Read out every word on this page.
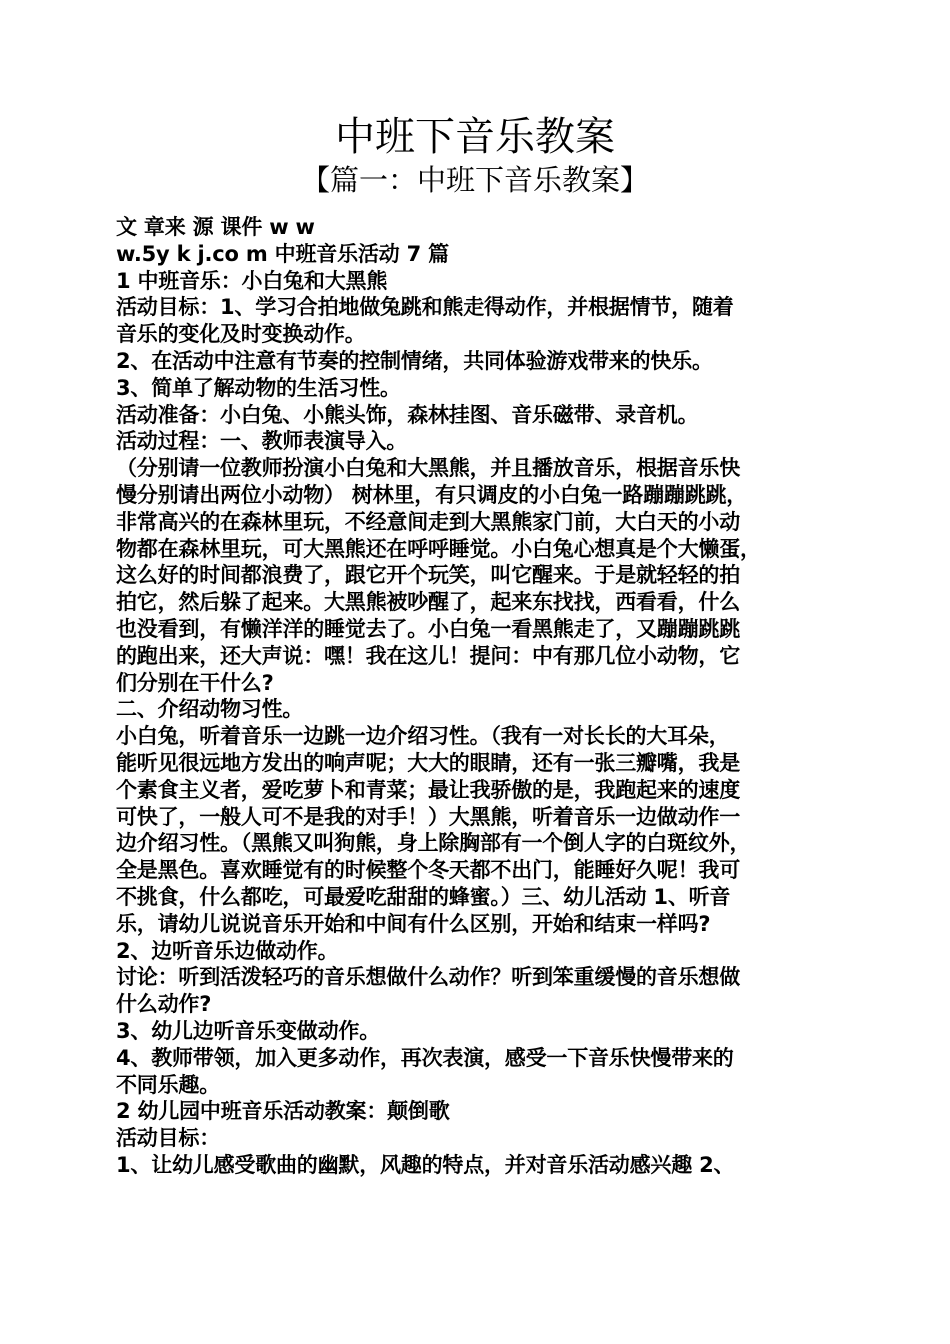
中班下音乐教案
【篇一：中班下音乐教案】
文 章来 源 课件 w w
w.5y k j.co m 中班音乐活动 7 篇
1 中班音乐：小白兔和大黑熊
活动目标：1、学习合拍地做兔跳和熊走得动作，并根据情节，随着
音乐的变化及时变换动作。
2、在活动中注意有节奏的控制情绪，共同体验游戏带来的快乐。
3、简单了解动物的生活习性。
活动准备：小白兔、小熊头饰，森林挂图、音乐磁带、录音机。
活动过程：一、教师表演导入。
（分别请一位教师扮演小白兔和大黑熊，并且播放音乐，根据音乐快
慢分别请出两位小动物） 树林里，有只调皮的小白兔一路蹦蹦跳跳，
非常高兴的在森林里玩，不经意间走到大黑熊家门前，大白天的小动
物都在森林里玩，可大黑熊还在呼呼睡觉。小白兔心想真是个大懒蛋，
这么好的时间都浪费了，跟它开个玩笑，叫它醒来。于是就轻轻的拍
拍它，然后躲了起来。大黑熊被吵醒了，起来东找找，西看看，什么
也没看到，有懒洋洋的睡觉去了。小白兔一看黑熊走了，又蹦蹦跳跳
的跑出来，还大声说：嘿！我在这儿！提问：中有那几位小动物，它
们分别在干什么?
二、介绍动物习性。
小白兔，听着音乐一边跳一边介绍习性。（我有一对长长的大耳朵，
能听见很远地方发出的响声呢；大大的眼睛，还有一张三瓣嘴，我是
个素食主义者，爱吃萝卜和青菜；最让我骄傲的是，我跑起来的速度
可快了，一般人可不是我的对手！）大黑熊，听着音乐一边做动作一
边介绍习性。（黑熊又叫狗熊，身上除胸部有一个倒人字的白斑纹外，
全是黑色。喜欢睡觉有的时候整个冬天都不出门，能睡好久呢！我可
不挑食，什么都吃，可最爱吃甜甜的蜂蜜。）三、幼儿活动 1、听音
乐，请幼儿说说音乐开始和中间有什么区别，开始和结束一样吗?
2、边听音乐边做动作。
讨论：听到活泼轻巧的音乐想做什么动作？听到笨重缓慢的音乐想做
什么动作?
3、幼儿边听音乐变做动作。
4、教师带领，加入更多动作，再次表演，感受一下音乐快慢带来的
不同乐趣。
2 幼儿园中班音乐活动教案：颠倒歌
活动目标：
1、让幼儿感受歌曲的幽默，风趣的特点，并对音乐活动感兴趣 2、
